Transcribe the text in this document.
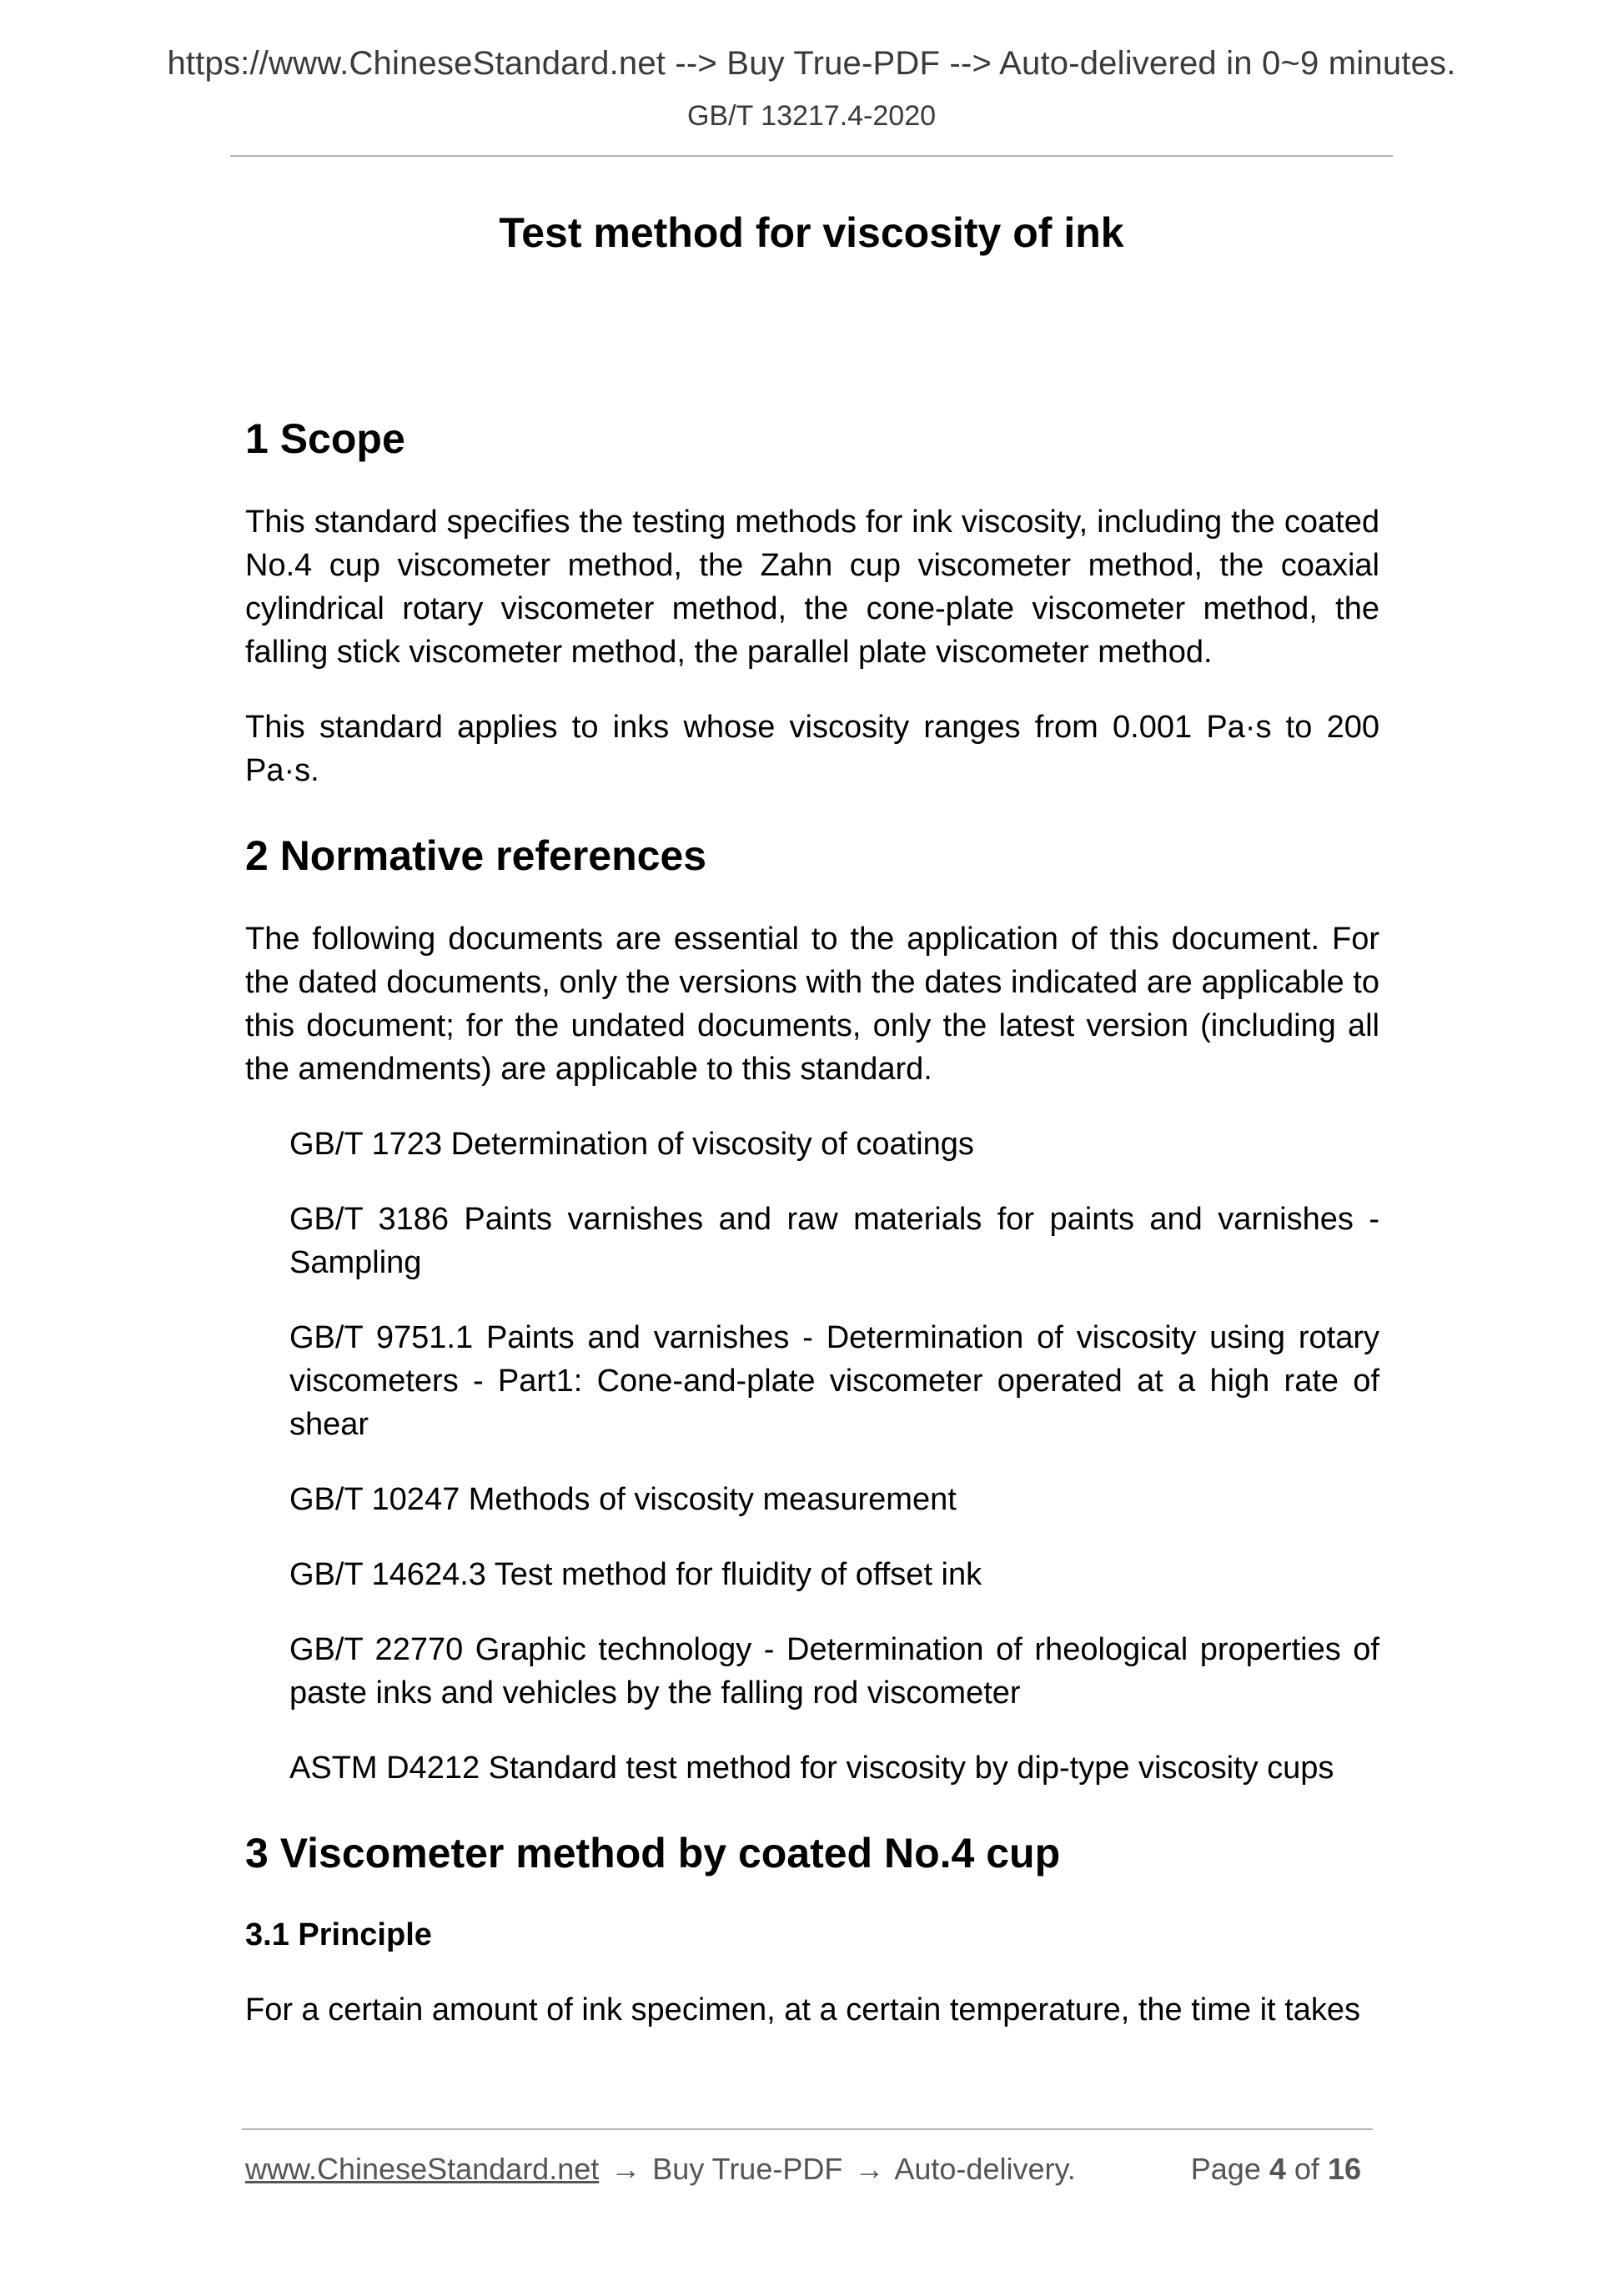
https://www.ChineseStandard.net --> Buy True-PDF --> Auto-delivered in 0~9 minutes.
GB/T 13217.4-2020
Test method for viscosity of ink
1 Scope

This standard specifies the testing methods for ink viscosity, including the coated No.4 cup viscometer method, the Zahn cup viscometer method, the coaxial cylindrical rotary viscometer method, the cone-plate viscometer method, the falling stick viscometer method, the parallel plate viscometer method.

This standard applies to inks whose viscosity ranges from 0.001 Pa·s to 200 Pa·s.

2 Normative references

The following documents are essential to the application of this document. For the dated documents, only the versions with the dates indicated are applicable to this document; for the undated documents, only the latest version (including all the amendments) are applicable to this standard.

GB/T 1723 Determination of viscosity of coatings

GB/T 3186 Paints varnishes and raw materials for paints and varnishes - Sampling

GB/T 9751.1 Paints and varnishes - Determination of viscosity using rotary viscometers - Part1: Cone-and-plate viscometer operated at a high rate of shear

GB/T 10247 Methods of viscosity measurement

GB/T 14624.3 Test method for fluidity of offset ink

GB/T 22770 Graphic technology - Determination of rheological properties of paste inks and vehicles by the falling rod viscometer

ASTM D4212 Standard test method for viscosity by dip-type viscosity cups

3 Viscometer method by coated No.4 cup
3.1 Principle

For a certain amount of ink specimen, at a certain temperature, the time it takes

www.ChineseStandard.net → Buy True-PDF → Auto-delivery.	Page 4 of 16
